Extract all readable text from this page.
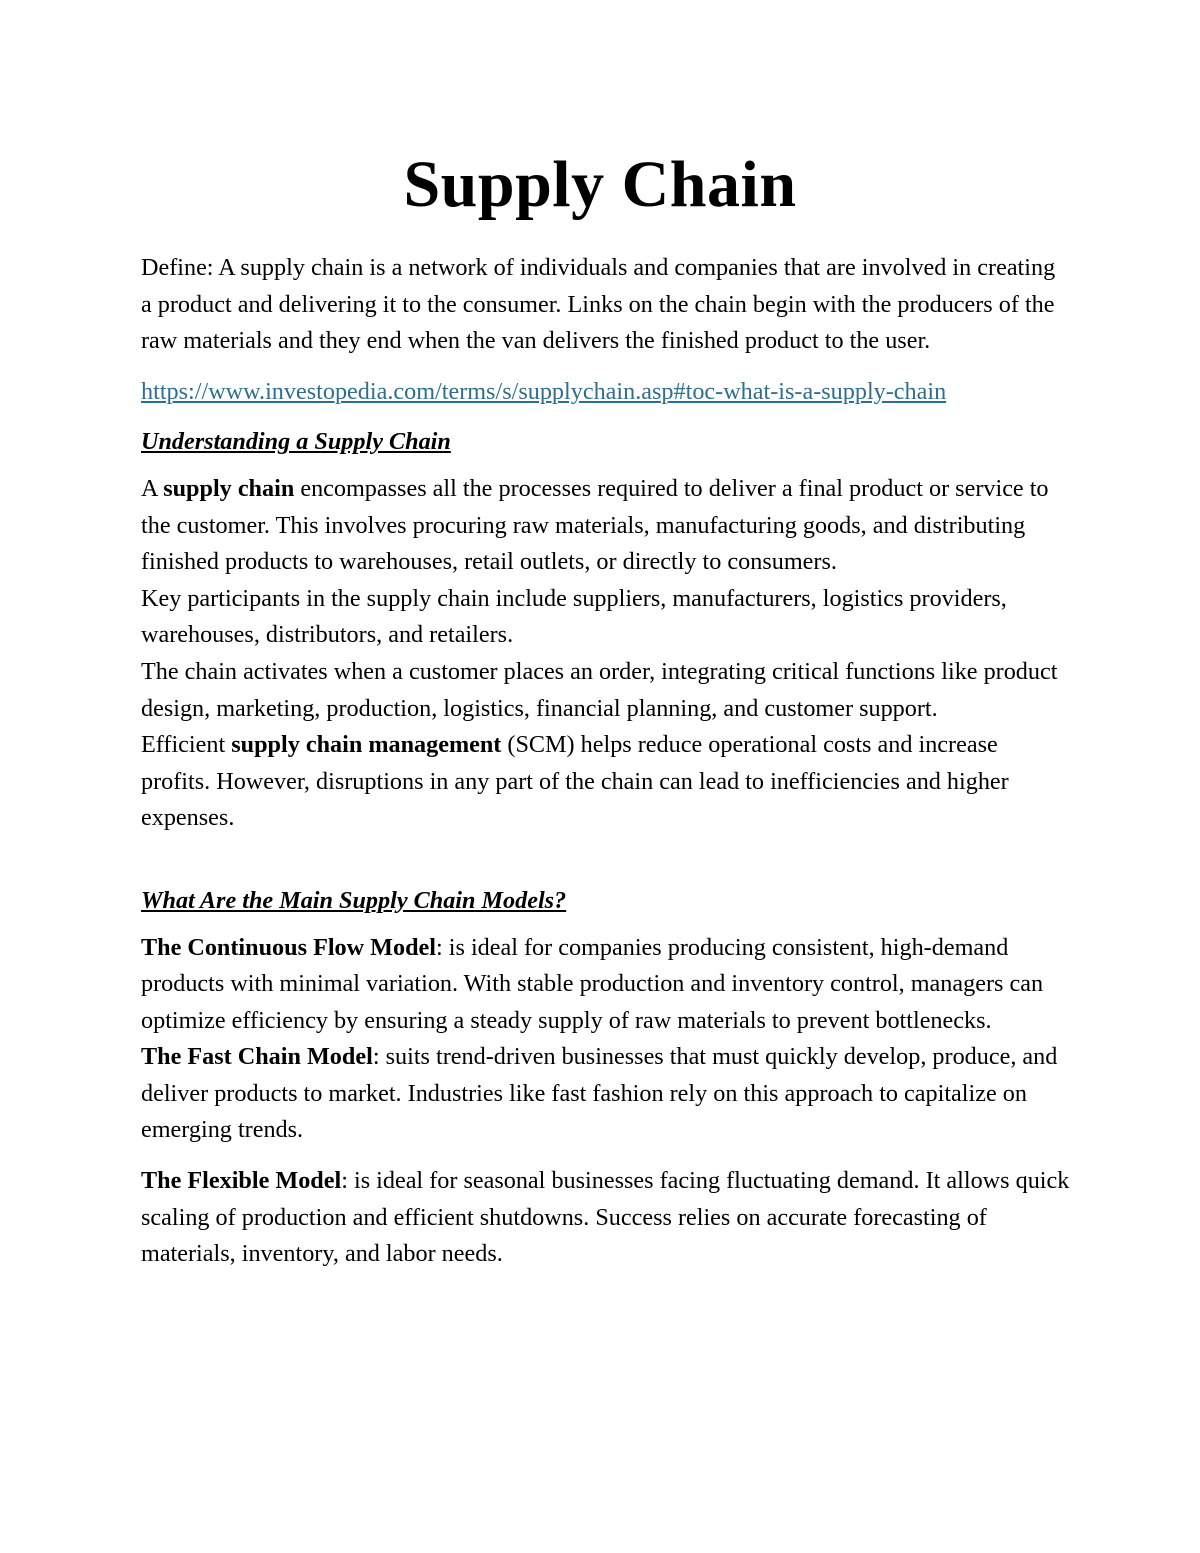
Supply Chain

Define: A supply chain is a network of individuals and companies that are involved in creating a product and delivering it to the consumer. Links on the chain begin with the producers of the raw materials and they end when the van delivers the finished product to the user.

https://www.investopedia.com/terms/s/supplychain.asp#toc-what-is-a-supply-chain

Understanding a Supply Chain

A supply chain encompasses all the processes required to deliver a final product or service to the customer. This involves procuring raw materials, manufacturing goods, and distributing finished products to warehouses, retail outlets, or directly to consumers.

Key participants in the supply chain include suppliers, manufacturers, logistics providers, warehouses, distributors, and retailers.

The chain activates when a customer places an order, integrating critical functions like product design, marketing, production, logistics, financial planning, and customer support.

Efficient supply chain management (SCM) helps reduce operational costs and increase profits. However, disruptions in any part of the chain can lead to inefficiencies and higher expenses.

What Are the Main Supply Chain Models?

The Continuous Flow Model: is ideal for companies producing consistent, high-demand products with minimal variation. With stable production and inventory control, managers can optimize efficiency by ensuring a steady supply of raw materials to prevent bottlenecks.

The Fast Chain Model: suits trend-driven businesses that must quickly develop, produce, and deliver products to market. Industries like fast fashion rely on this approach to capitalize on emerging trends.

The Flexible Model: is ideal for seasonal businesses facing fluctuating demand. It allows quick scaling of production and efficient shutdowns. Success relies on accurate forecasting of materials, inventory, and labor needs.
